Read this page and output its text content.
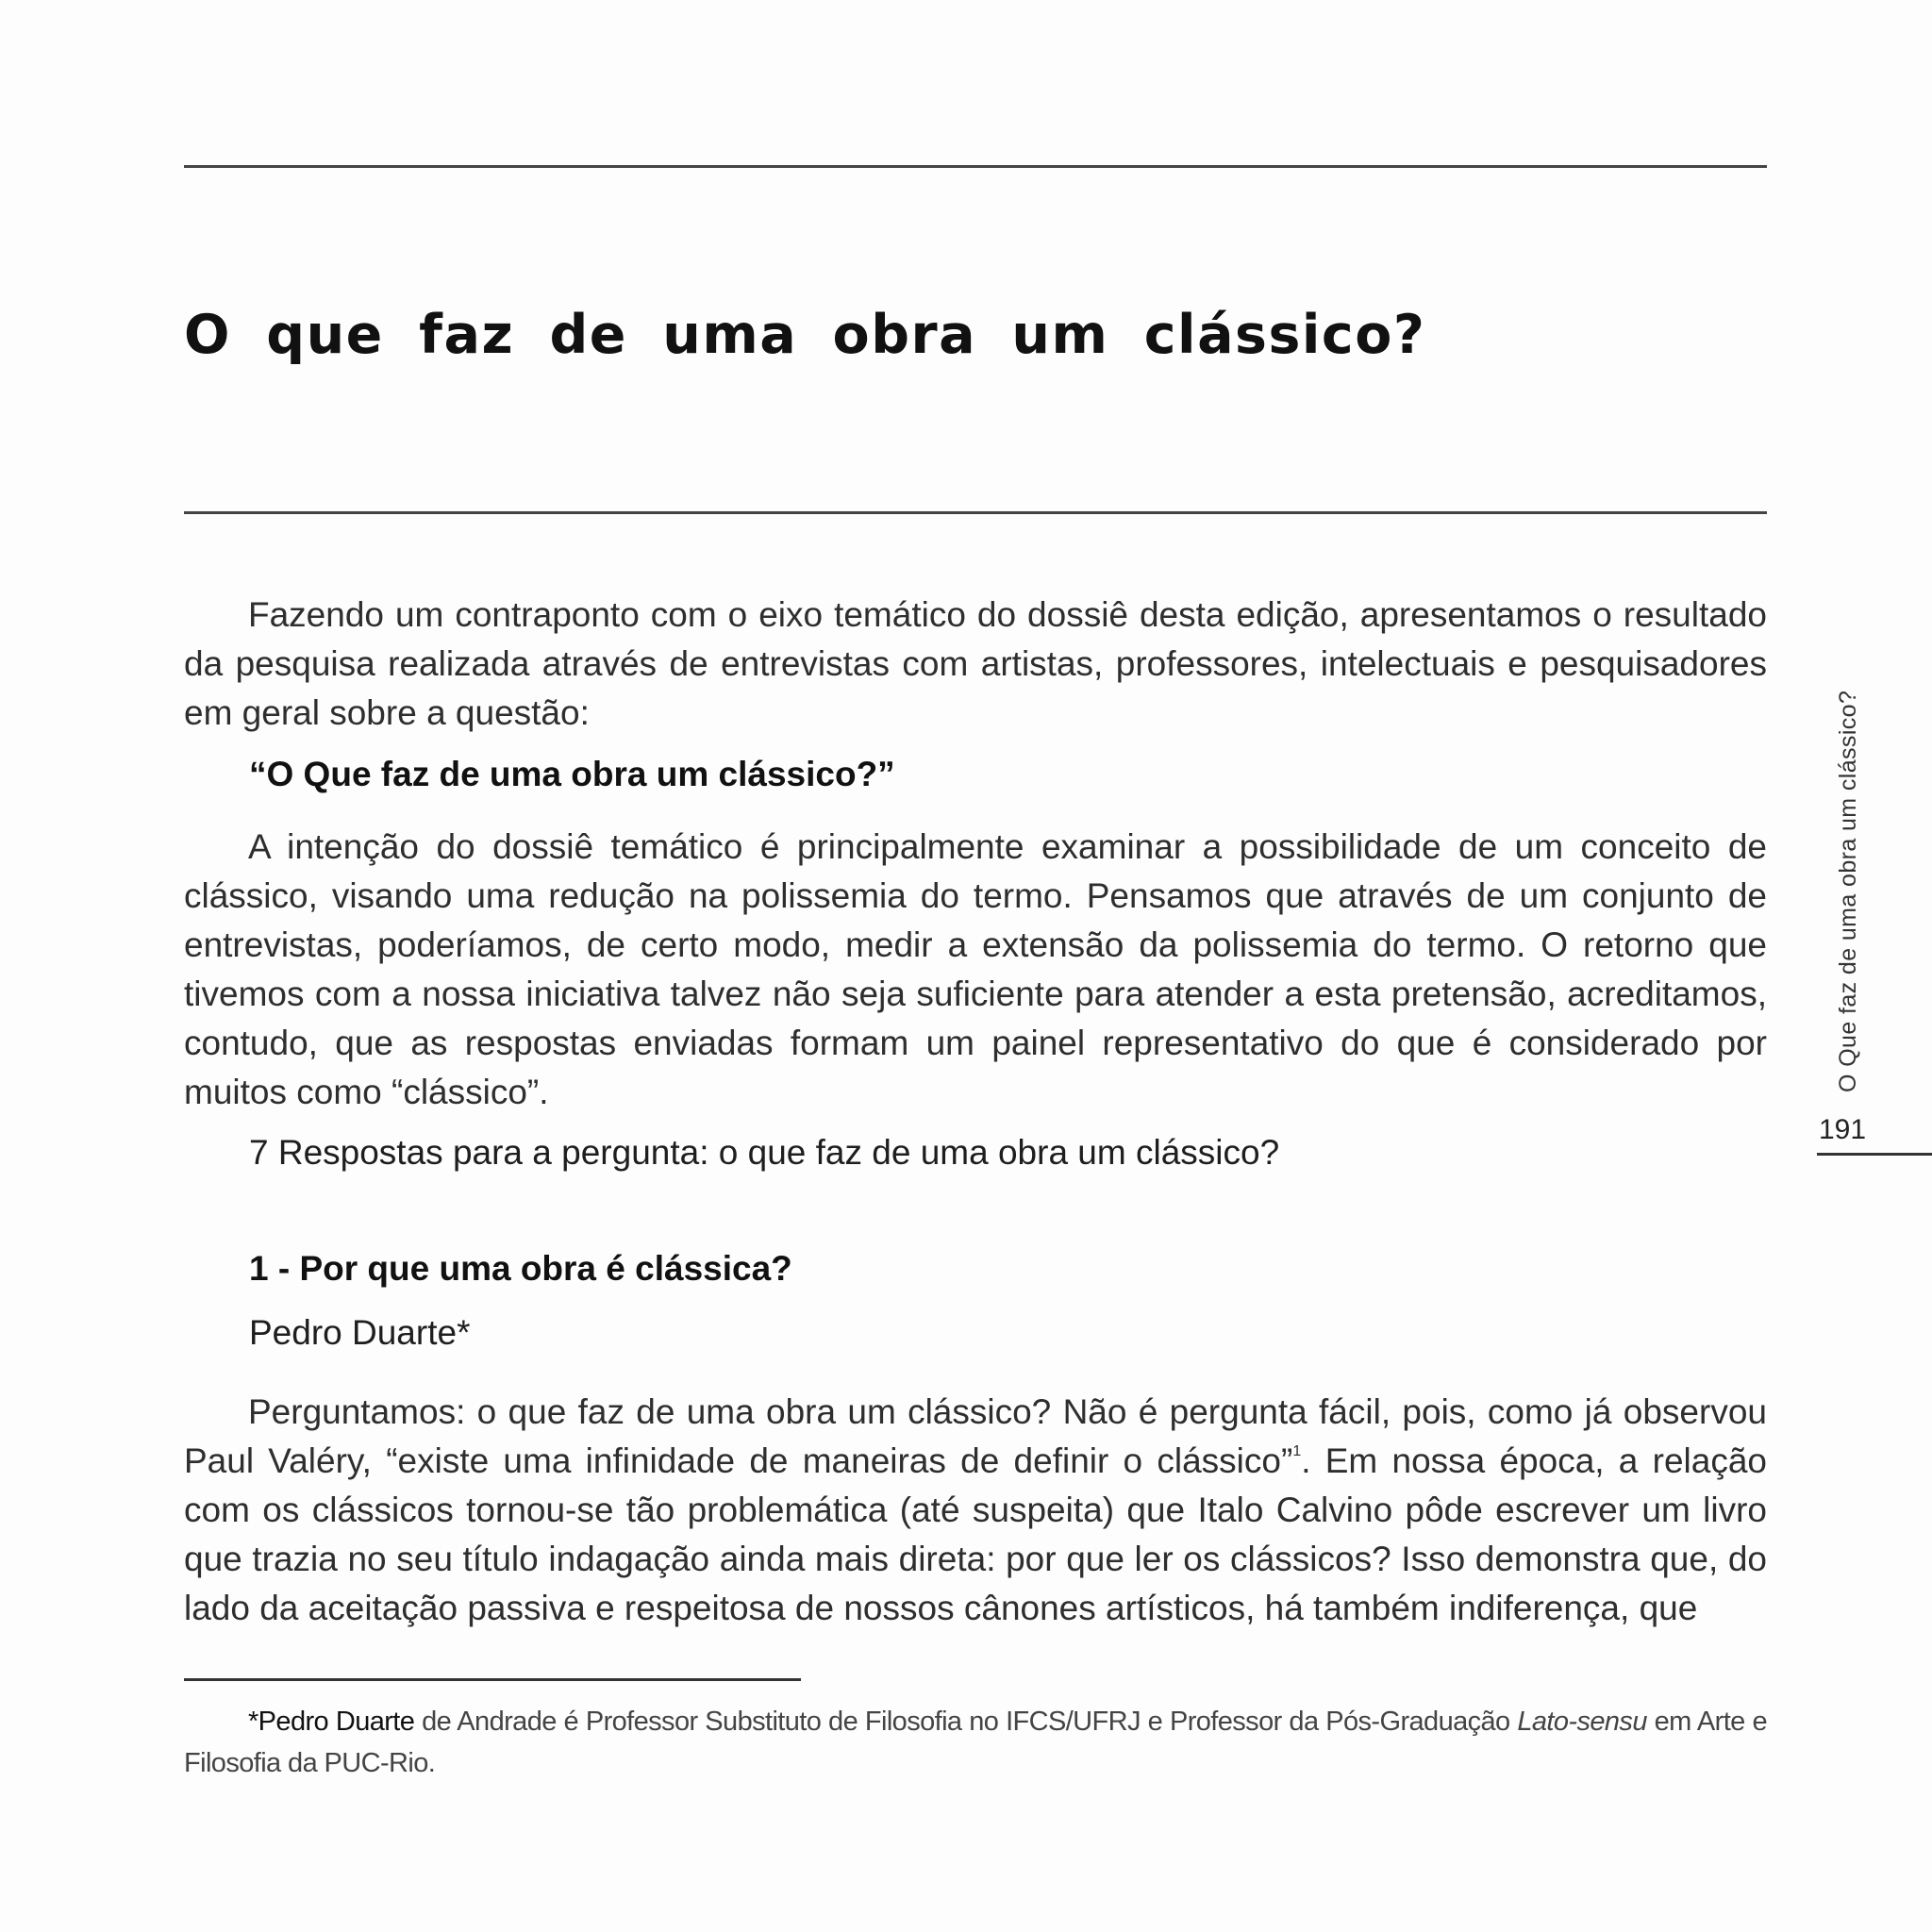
O que faz de uma obra um clássico?

Fazendo um contraponto com o eixo temático do dossiê desta edição, apresentamos o resultado da pesquisa realizada através de entrevistas com artistas, professores, intelectuais e pesquisadores em geral sobre a questão:

“O Que faz de uma obra um clássico?”

A intenção do dossiê temático é principalmente examinar a possibilidade de um conceito de clássico, visando uma redução na polissemia do termo. Pensamos que através de um conjunto de entrevistas, poderíamos, de certo modo, medir a extensão da polissemia do termo. O retorno que tivemos com a nossa iniciativa talvez não seja suficiente para atender a esta pretensão, acreditamos, contudo, que as respostas enviadas formam um painel representativo do que é considerado por muitos como “clássico”.

7 Respostas para a pergunta: o que faz de uma obra um clássico?

1 - Por que uma obra é clássica?

Pedro Duarte*

Perguntamos: o que faz de uma obra um clássico? Não é pergunta fácil, pois, como já observou Paul Valéry, “existe uma infinidade de maneiras de definir o clássico”$^1$. Em nossa época, a relação com os clássicos tornou-se tão problemática (até suspeita) que Italo Calvino pôde escrever um livro que trazia no seu título indagação ainda mais direta: por que ler os clássicos? Isso demonstra que, do lado da aceitação passiva e respeitosa de nossos cânones artísticos, há também indiferença, que

*Pedro Duarte de Andrade é Professor Substituto de Filosofia no IFCS/UFRJ e Professor da Pós-Graduação Lato-sensu em Arte e Filosofia da PUC-Rio.

O Que faz de uma obra um clássico?
191
